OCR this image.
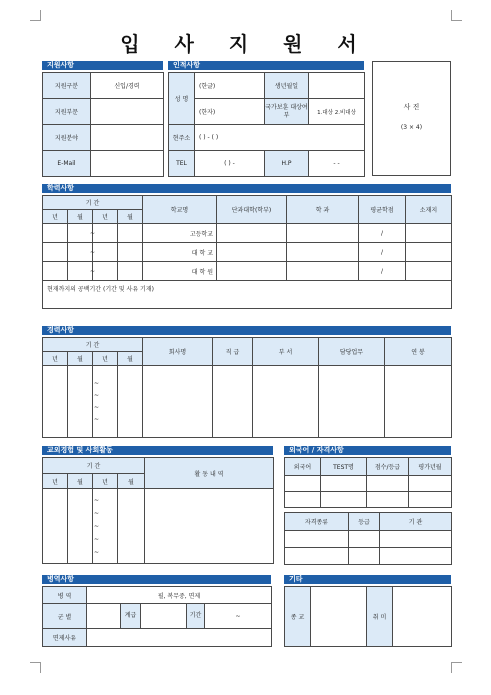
입 사 지 원 서
지원사항
지원구분	신입/경력
지원부문	
지원분야	
E-Mail	
인적사항
성 명	(한글)	생년월일	
	(한자)	국가보훈 대상여부	1.대상 2.비대상
현주소	( ) - ( )		
TEL	( ) -	H.P	- -
사 진
(3 × 4)
학력사항
기 간				학교명	단과대학(학부)	학 과	평균학점	소재지
년	월	년	월					

		~		고등학교			/	

		~		대 학 교			/	

		~		대 학 원			/	
현재까지의 공백기간 (기간 및 사유 기재)								
경력사항
기 간				회사명	직 급	부 서	담당업무	연 봉
년	월	년	월					

		~
~
~
~						

교외경험 및 사회활동
기 간				활 동 내 역
년	월	년	월	

		~
~
~
~
~		

외국어 / 자격사항
외국어	TEST명	점수/등급	평가년월

자격종류	등급	기 관

병역사항
병 역	필, 복무중, 면제				
군 별		계급		기간	~
면제사유					
기타
종 교		취 미	
